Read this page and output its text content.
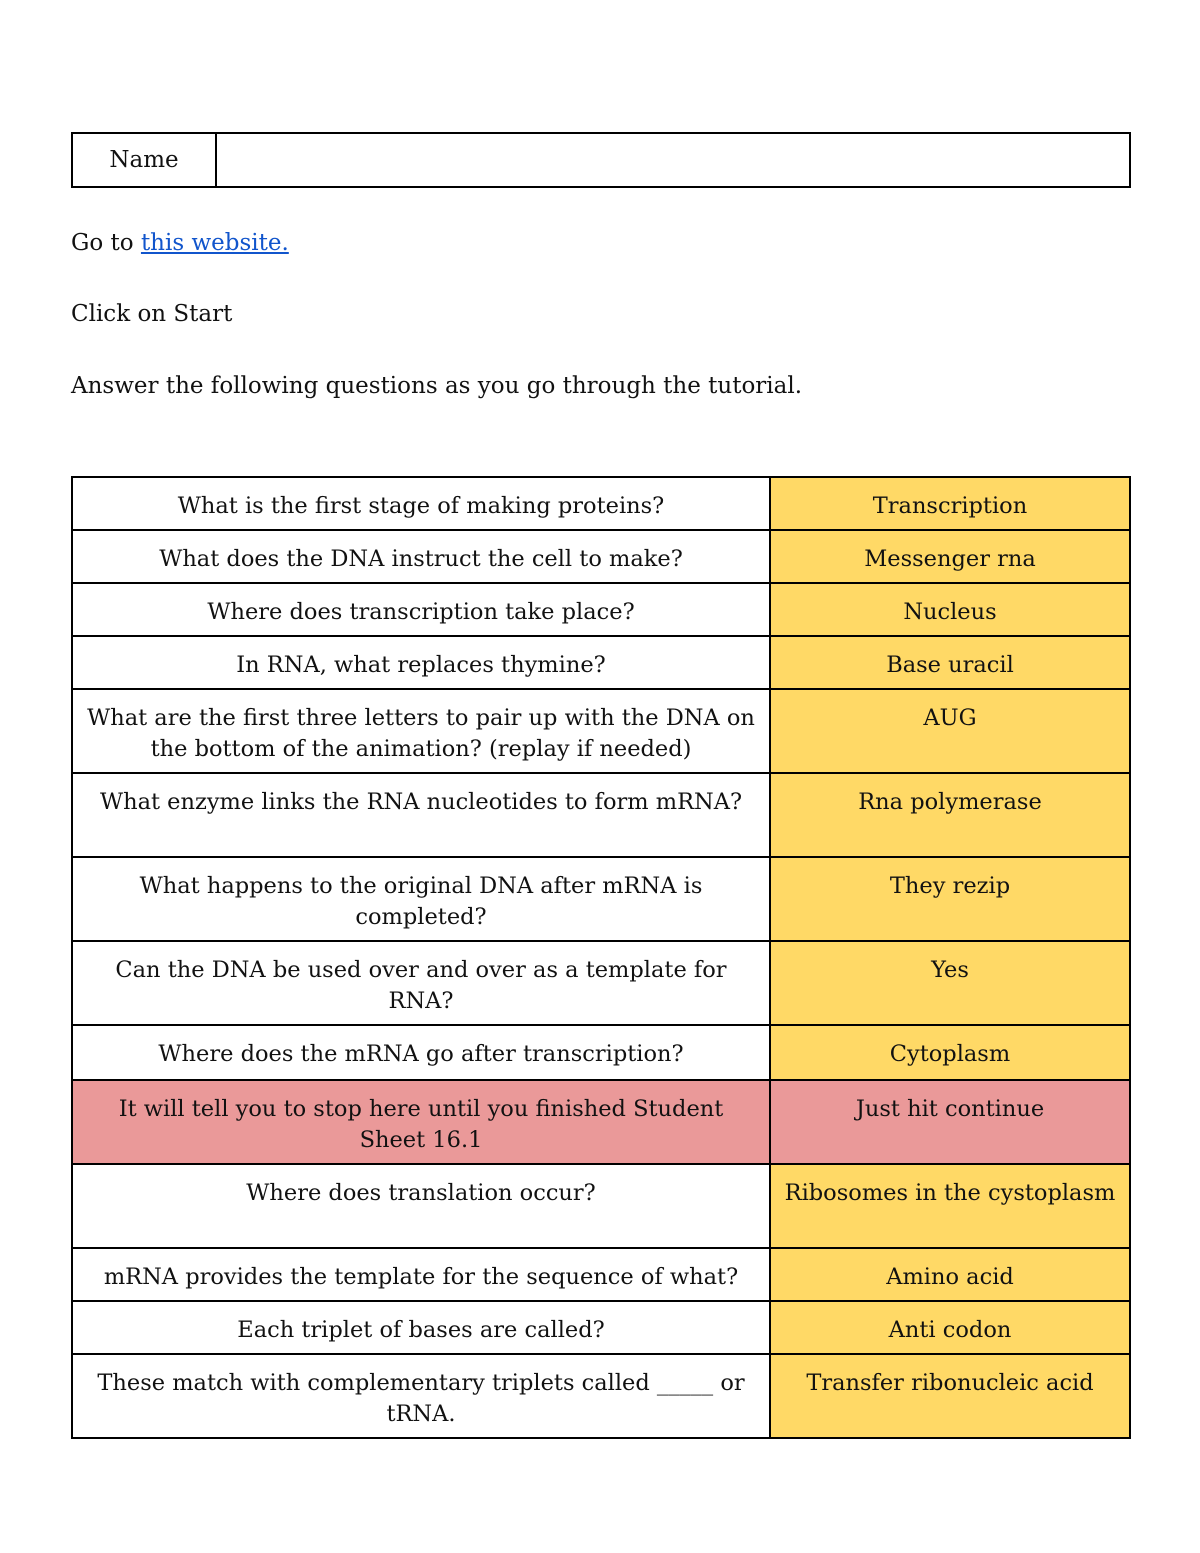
Name	
Go to this website.
Click on Start
Answer the following questions as you go through the tutorial.
What is the first stage of making proteins?	Transcription
What does the DNA instruct the cell to make?	Messenger rna
Where does transcription take place?	Nucleus
In RNA, what replaces thymine?	Base uracil
What are the first three letters to pair up with the DNA on the bottom of the animation? (replay if needed)	AUG
What enzyme links the RNA nucleotides to form mRNA?	Rna polymerase
What happens to the original DNA after mRNA is completed?	They rezip
Can the DNA be used over and over as a template for RNA?	Yes
Where does the mRNA go after transcription?	Cytoplasm
It will tell you to stop here until you finished Student Sheet 16.1	Just hit continue
Where does translation occur?	Ribosomes in the cystoplasm
mRNA provides the template for the sequence of what?	Amino acid
Each triplet of bases are called?	Anti codon
These match with complementary triplets called _____ or tRNA.	Transfer ribonucleic acid
